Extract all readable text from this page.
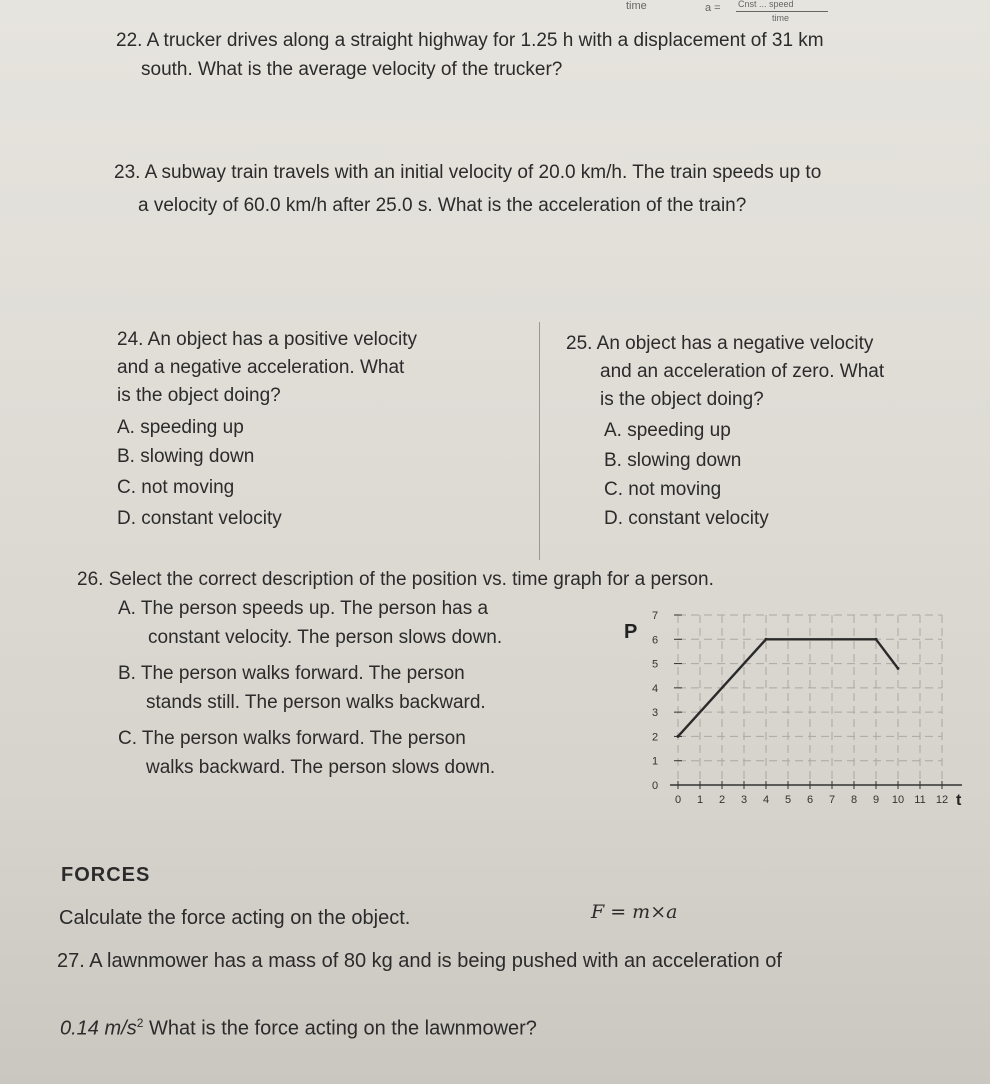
time	a = Cnst ... speed
time
22. A trucker drives along a straight highway for 1.25 h with a displacement of 31 km
south. What is the average velocity of the trucker?
23. A subway train travels with an initial velocity of 20.0 km/h. The train speeds up to
a velocity of 60.0 km/h after 25.0 s. What is the acceleration of the train?
24. An object has a positive velocity
and a negative acceleration. What
is the object doing?
A. speeding up
B. slowing down
C. not moving
D. constant velocity
25. An object has a negative velocity
and an acceleration of zero. What
is the object doing?
A. speeding up
B. slowing down
C. not moving
D. constant velocity
26. Select the correct description of the position vs. time graph for a person.
A. The person speeds up. The person has a
constant velocity. The person slows down.
B. The person walks forward. The person
stands still. The person walks backward.
C. The person walks forward. The person
walks backward. The person slows down.
0 1 2 3 4 5 6 7 8 9 10 11 12
0
1
2
3
4
5
6
7
P
t
FORCES
Calculate the force acting on the object.	F = m×a
27. A lawnmower has a mass of 80 kg and is being pushed with an acceleration of
0.14 $m/s^2$ What is the force acting on the lawnmower?
